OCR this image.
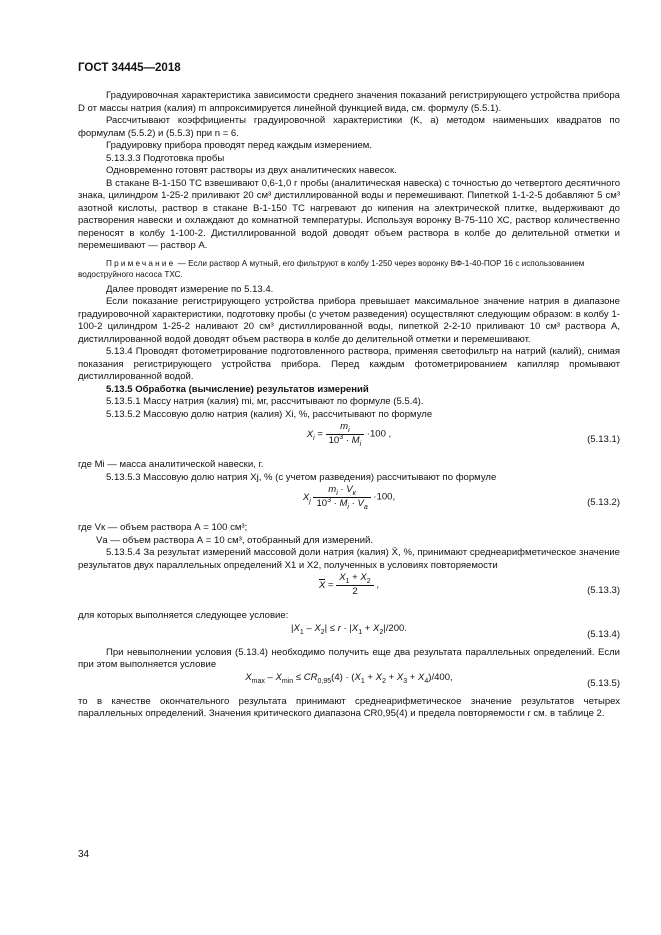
ГОСТ 34445—2018

Градуировочная характеристика зависимости среднего значения показаний регистрирующего устройства прибора D от массы натрия (калия) m аппроксимируется линейной функцией вида, см. формулу (5.5.1).

Рассчитывают коэффициенты градуировочной характеристики (K, a) методом наименьших квадратов по формулам (5.5.2) и (5.5.3) при n = 6.

Градуировку прибора проводят перед каждым измерением.

5.13.3.3 Подготовка пробы

Одновременно готовят растворы из двух аналитических навесок.

В стакане В-1-150 ТС взвешивают 0,6-1,0 г пробы (аналитическая навеска) с точностью до четвертого десятичного знака, цилиндром 1-25-2 приливают 20 см³ дистиллированной воды и перемешивают. Пипеткой 1-1-2-5 добавляют 5 см³ азотной кислоты, раствор в стакане В-1-150 ТС нагревают до кипения на электрической плитке, выдерживают до растворения навески и охлаждают до комнатной температуры. Используя воронку В-75-110 ХС, раствор количественно переносят в колбу 1-100-2. Дистиллированной водой доводят объем раствора в колбе до делительной отметки и перемешивают — раствор А.

Примечание — Если раствор А мутный, его фильтруют в колбу 1-250 через воронку ВФ-1-40-ПОР 16 с использованием водоструйного насоса ТХС.

Далее проводят измерение по 5.13.4.

Если показание регистрирующего устройства прибора превышает максимальное значение натрия в диапазоне градуировочной характеристики, подготовку пробы (с учетом разведения) осуществляют следующим образом: в колбу 1-100-2 цилиндром 1-25-2 наливают 20 см³ дистиллированной воды, пипеткой 2-2-10 приливают 10 см³ раствора А, дистиллированной водой доводят объем раствора в колбе до делительной отметки и перемешивают.

5.13.4 Проводят фотометрирование подготовленного раствора, применяя светофильтр на натрий (калий), снимая показания регистрирующего устройства прибора. Перед каждым фотометрированием капилляр промывают дистиллированной водой.

5.13.5 Обработка (вычисление) результатов измерений

5.13.5.1 Массу натрия (калия) mi, мг, рассчитывают по формуле (5.5.4).

5.13.5.2 Массовую долю натрия (калия) Xi, %, рассчитывают по формуле

$X_i = \frac{m_i}{10^3 \cdot M_i} \cdot 100$ ,	(5.13.1)

где Mi — масса аналитической навески, г.

5.13.5.3 Массовую долю натрия Xj, % (с учетом разведения) рассчитывают по формуле

$X_j \frac{m_i \cdot V_к}{10^3 \cdot M_i \cdot V_a} \cdot 100$,	(5.13.2)

где Vк — объем раствора А = 100 см³;

Vа — объем раствора А = 10 см³, отобранный для измерений.

5.13.5.4 За результат измерений массовой доли натрия (калия) X̄, %, принимают среднеарифметическое значение результатов двух параллельных определений X1 и X2, полученных в условиях повторяемости

$X = \frac{X_1 + X_2}{2}$ ,	(5.13.3)

для которых выполняется следующее условие:

$|X_1 - X_2| \le r \cdot |X_1 + X_2|/200$.
(5.13.4)

При невыполнении условия (5.13.4) необходимо получить еще два результата параллельных определений. Если при этом выполняется условие

$X_{max} - X_{min} \le CR_{0,95}(4) \cdot (X_1 + X_2 + X_3 + X_4)/400$,
(5.13.5)

то в качестве окончательного результата принимают среднеарифметическое значение результатов четырех параллельных определений. Значения критического диапазона CR0,95(4) и предела повторяемости r см. в таблице 2.

34
